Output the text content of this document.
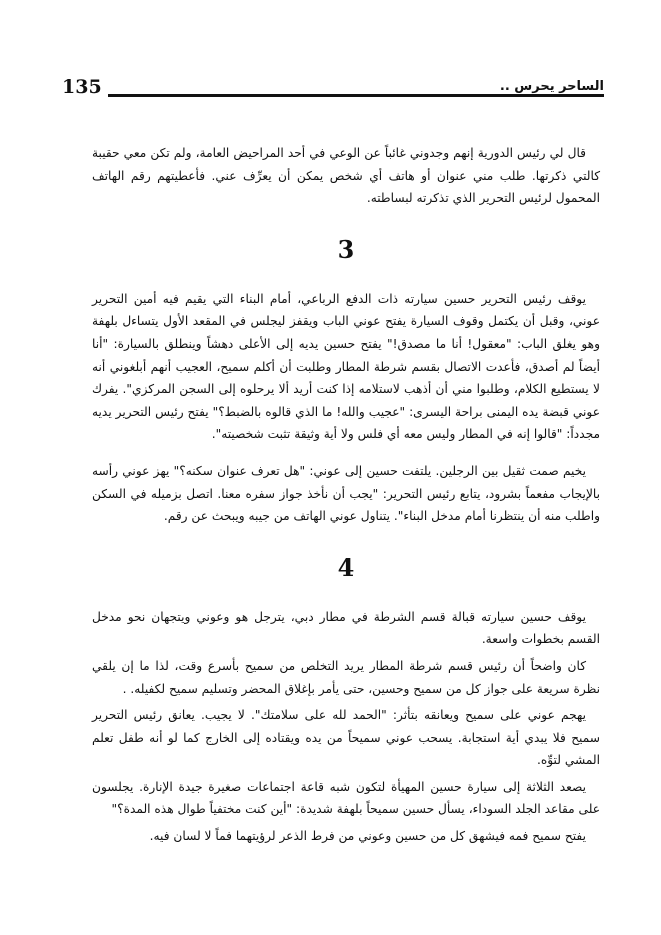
135	الساحر يحرس ..

قال لي رئيس الدورية إنهم وجدوني غائباً عن الوعي في أحد المراحيض العامة، ولم تكن معي حقيبة كالتي ذكرتها. طلب مني عنوان أو هاتف أي شخص يمكن أن يعرِّف عني. فأعطيتهم رقم الهاتف المحمول لرئيس التحرير الذي تذكرته لبساطته.

3

يوقف رئيس التحرير حسين سيارته ذات الدفع الرباعي، أمام البناء التي يقيم فيه أمين التحرير عوني، وقبل أن يكتمل وقوف السيارة يفتح عوني الباب ويقفز ليجلس في المقعد الأول يتساءل بلهفة وهو يغلق الباب: "معقول! أنا ما مصدق!" يفتح حسين يديه إلى الأعلى دهشاً وينطلق بالسيارة: "أنا أيضاً لم أصدق، فأعدت الاتصال بقسم شرطة المطار وطلبت أن أكلم سميح، العجيب أنهم أبلغوني أنه لا يستطيع الكلام، وطلبوا مني أن أذهب لاستلامه إذا كنت أريد ألا يرحلوه إلى السجن المركزي". يفرك عوني قبضة يده اليمنى براحة اليسرى: "عجيب والله! ما الذي قالوه بالضبط؟" يفتح رئيس التحرير يديه مجدداً: "قالوا إنه في المطار وليس معه أي فلس ولا أية وثيقة تثبت شخصيته".

يخيم صمت ثقيل بين الرجلين. يلتفت حسين إلى عوني: "هل تعرف عنوان سكنه؟" يهز عوني رأسه بالإيجاب مفعماً بشرود، يتابع رئيس التحرير: "يجب أن نأخذ جواز سفره معنا. اتصل بزميله في السكن واطلب منه أن ينتظرنا أمام مدخل البناء". يتناول عوني الهاتف من جيبه ويبحث عن رقم.

4

يوقف حسين سيارته قبالة قسم الشرطة في مطار دبي، يترجل هو وعوني ويتجهان نحو مدخل القسم بخطوات واسعة.

كان واضحاً أن رئيس قسم شرطة المطار يريد التخلص من سميح بأسرع وقت، لذا ما إن يلقي نظرة سريعة على جواز كل من سميح وحسين، حتى يأمر بإغلاق المحضر وتسليم سميح لكفيله. .

يهجم عوني على سميح ويعانقه بتأثر: "الحمد لله على سلامتك". لا يجيب. يعانق رئيس التحرير سميح فلا يبدي أية استجابة. يسحب عوني سميحاً من يده ويقتاده إلى الخارج كما لو أنه طفل تعلم المشي لتوِّه.

يصعد الثلاثة إلى سيارة حسين المهيأة لتكون شبه قاعة اجتماعات صغيرة جيدة الإنارة. يجلسون على مقاعد الجلد السوداء، يسأل حسين سميحاً بلهفة شديدة: "أين كنت مختفياً طوال هذه المدة؟"

يفتح سميح فمه فيشهق كل من حسين وعوني من فرط الذعر لرؤيتهما فماً لا لسان فيه.
